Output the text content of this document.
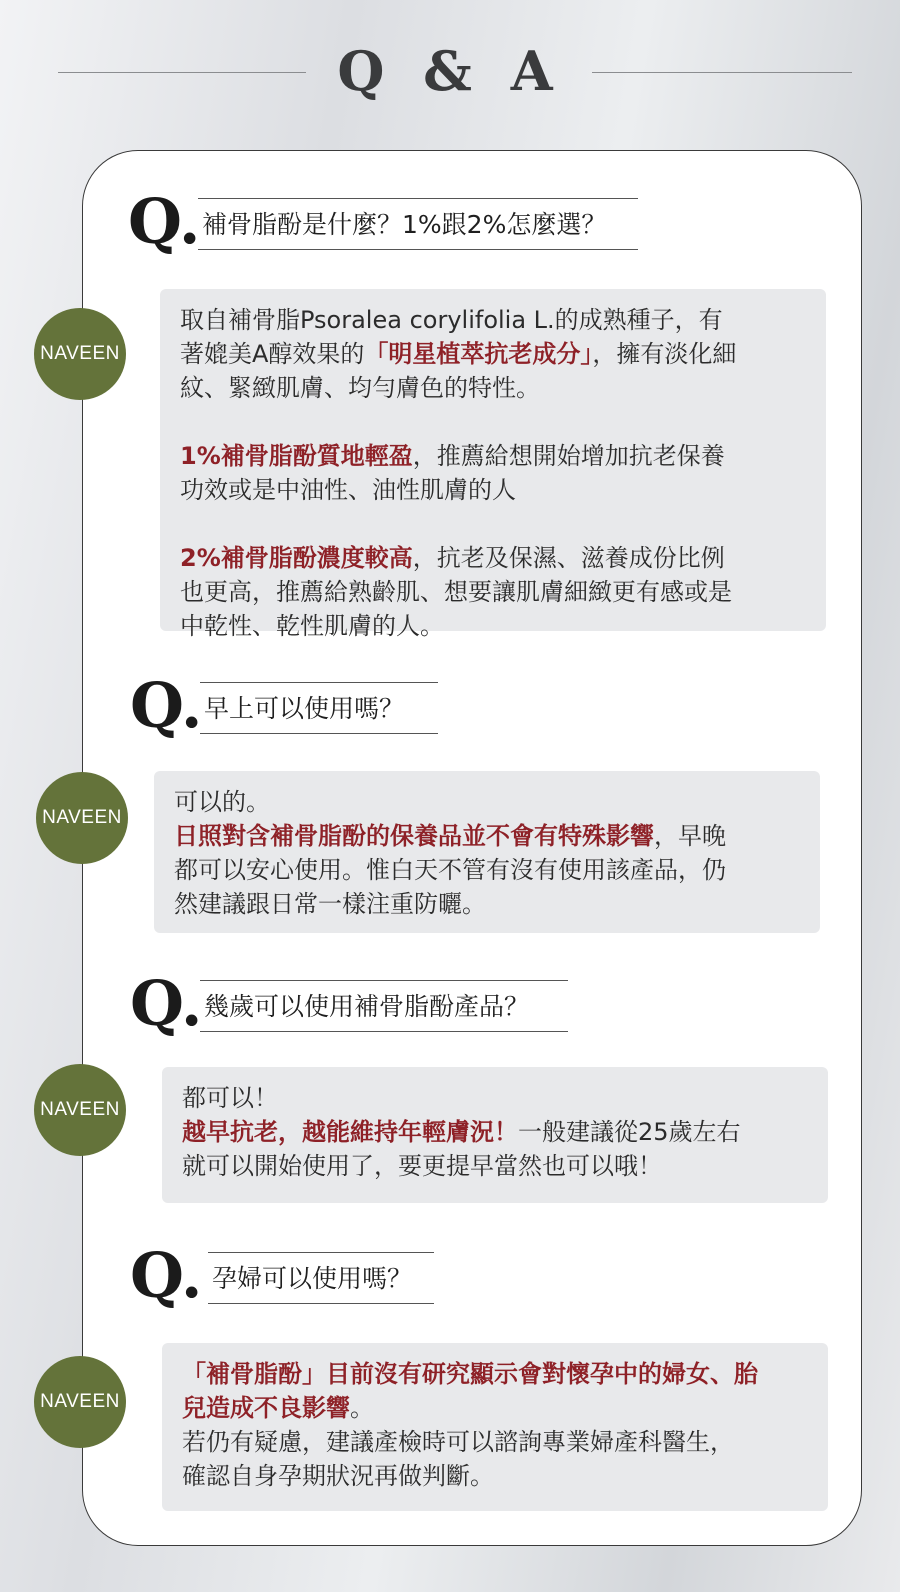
Q & A
Q. 補骨脂酚是什麼？1%跟2%怎麼選？
NAVEEN

取自補骨脂Psoralea corylifolia L.的成熟種子，有
著媲美A醇效果的「明星植萃抗老成分」，擁有淡化細
紋、緊緻肌膚、均勻膚色的特性。

1%補骨脂酚質地輕盈，推薦給想開始增加抗老保養
功效或是中油性、油性肌膚的人

2%補骨脂酚濃度較高，抗老及保濕、滋養成份比例
也更高，推薦給熟齡肌、想要讓肌膚細緻更有感或是
中乾性、乾性肌膚的人。

Q. 早上可以使用嗎？
NAVEEN

可以的。
日照對含補骨脂酚的保養品並不會有特殊影響，早晚
都可以安心使用。惟白天不管有沒有使用該產品，仍
然建議跟日常一樣注重防曬。

Q. 幾歲可以使用補骨脂酚產品？
NAVEEN	都可以！
越早抗老，越能維持年輕膚況！一般建議從25歲左右
就可以開始使用了，要更提早當然也可以哦！

Q. 孕婦可以使用嗎？
NAVEEN

「補骨脂酚」目前沒有研究顯示會對懷孕中的婦女、胎
兒造成不良影響。
若仍有疑慮，建議產檢時可以諮詢專業婦產科醫生，
確認自身孕期狀況再做判斷。
